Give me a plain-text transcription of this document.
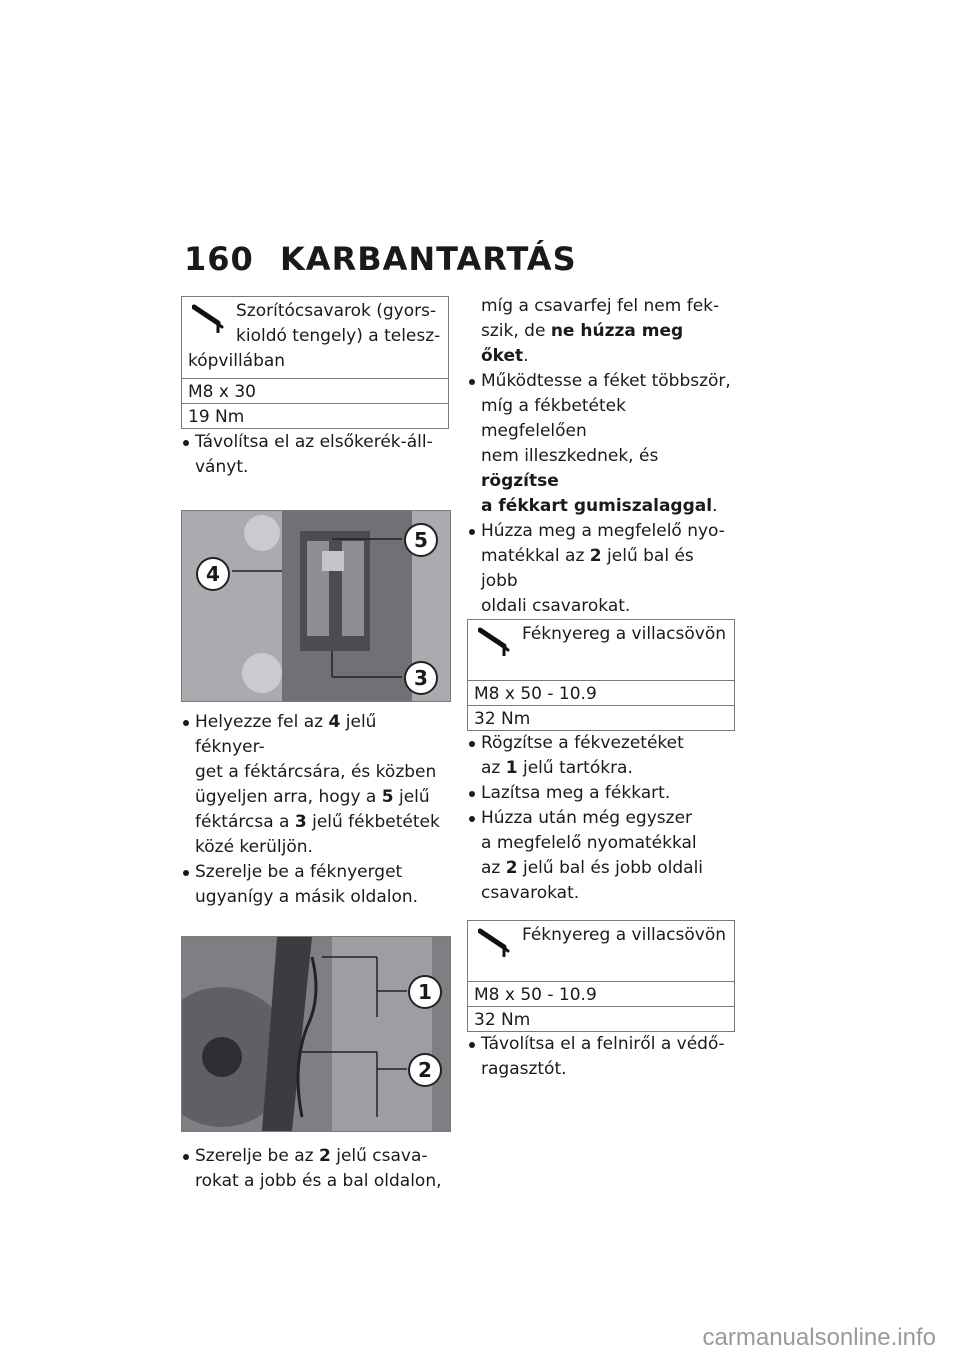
160 KARBANTARTÁS
Szorítócsavarok (gyors-
kioldó tengely) a telesz-
kópvillában
M8 x 30
19 Nm
Távolítsa el az elsőkerék-áll-
ványt.
4
5
3
Helyezze fel az 4 jelű féknyer-
get a féktárcsára, és közben
ügyeljen arra, hogy a 5 jelű
féktárcsa a 3 jelű fékbetétek
közé kerüljön.
Szerelje be a féknyerget
ugyanígy a másik oldalon.
1
2
Szerelje be az 2 jelű csava-
rokat a jobb és a bal oldalon,
míg a csavarfej fel nem fek-
szik, de ne húzza meg őket.
Működtesse a féket többször,
míg a fékbetétek megfelelően
nem illeszkednek, és rögzítse
a fékkart gumiszalaggal.
Húzza meg a megfelelő nyo-
matékkal az 2 jelű bal és jobb
oldali csavarokat.
Féknyereg a villacsövön
M8 x 50 - 10.9
32 Nm
Rögzítse a fékvezetéket
az 1 jelű tartókra.
Lazítsa meg a fékkart.
Húzza után még egyszer
a megfelelő nyomatékkal
az 2 jelű bal és jobb oldali
csavarokat.
Féknyereg a villacsövön
M8 x 50 - 10.9
32 Nm
Távolítsa el a felniről a védő-
ragasztót.
carmanualsonline.info
